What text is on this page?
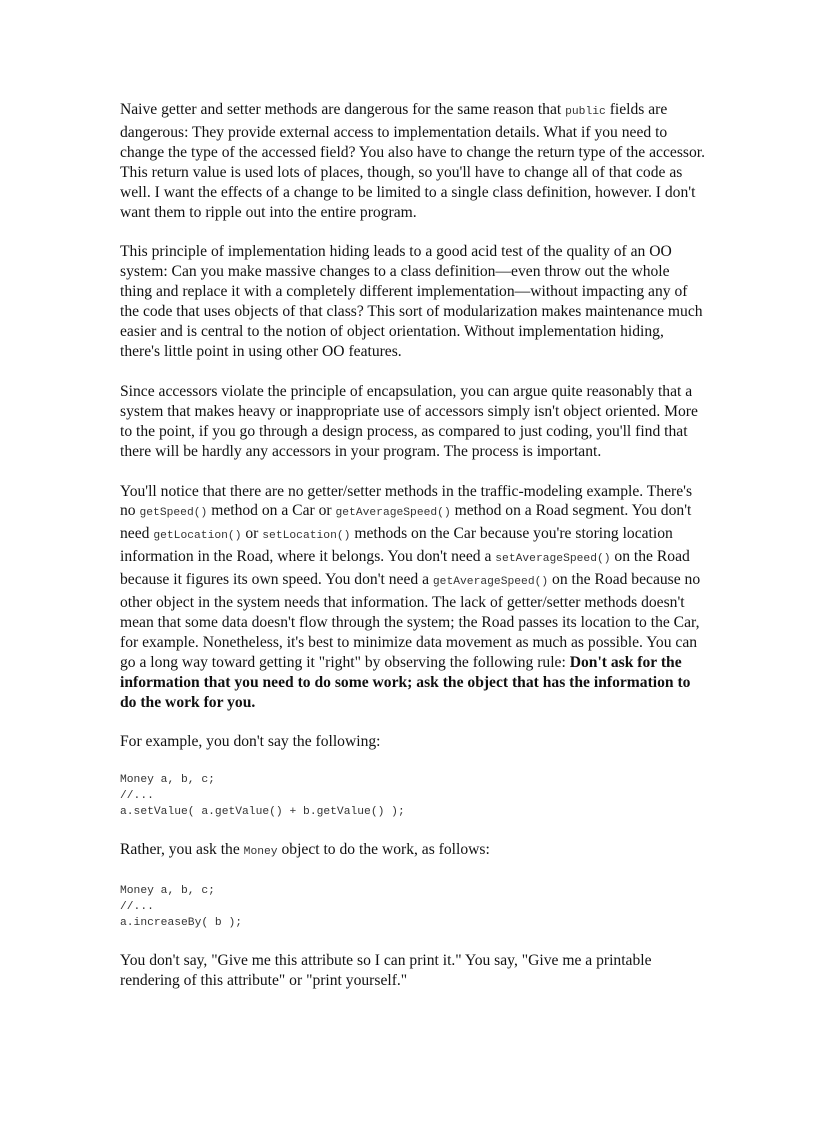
Naive getter and setter methods are dangerous for the same reason that public fields are dangerous: They provide external access to implementation details. What if you need to change the type of the accessed field? You also have to change the return type of the accessor. This return value is used lots of places, though, so you'll have to change all of that code as well. I want the effects of a change to be limited to a single class definition, however. I don't want them to ripple out into the entire program.

This principle of implementation hiding leads to a good acid test of the quality of an OO system: Can you make massive changes to a class definition—even throw out the whole thing and replace it with a completely different implementation—without impacting any of the code that uses objects of that class? This sort of modularization makes maintenance much easier and is central to the notion of object orientation. Without implementation hiding, there's little point in using other OO features.

Since accessors violate the principle of encapsulation, you can argue quite reasonably that a system that makes heavy or inappropriate use of accessors simply isn't object oriented. More to the point, if you go through a design process, as compared to just coding, you'll find that there will be hardly any accessors in your program. The process is important.

You'll notice that there are no getter/setter methods in the traffic-modeling example. There's no getSpeed() method on a Car or getAverageSpeed() method on a Road segment. You don't need getLocation() or setLocation() methods on the Car because you're storing location information in the Road, where it belongs. You don't need a setAverageSpeed() on the Road because it figures its own speed. You don't need a getAverageSpeed() on the Road because no other object in the system needs that information. The lack of getter/setter methods doesn't mean that some data doesn't flow through the system; the Road passes its location to the Car, for example. Nonetheless, it's best to minimize data movement as much as possible. You can go a long way toward getting it "right" by observing the following rule: Don't ask for the information that you need to do some work; ask the object that has the information to do the work for you.

For example, you don't say the following:

Money a, b, c;
//...
a.setValue( a.getValue() + b.getValue() );

Rather, you ask the Money object to do the work, as follows:

Money a, b, c;
//...
a.increaseBy( b );

You don't say, "Give me this attribute so I can print it." You say, "Give me a printable rendering of this attribute" or "print yourself."
